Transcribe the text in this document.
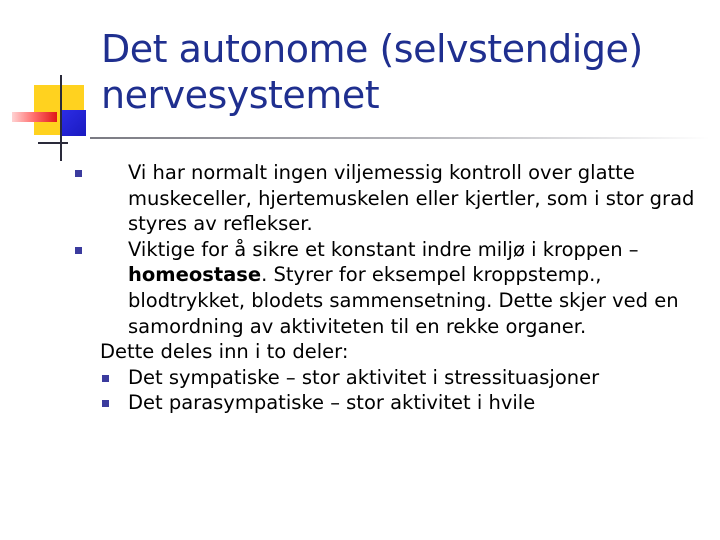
Det autonome (selvstendige) nervesystemet
Vi har normalt ingen viljemessig kontroll over glatte muskeceller, hjertemuskelen eller kjertler, som i stor grad styres av reflekser.
Viktige for å sikre et konstant indre miljø i kroppen – homeostase. Styrer for eksempel kroppstemp., blodtrykket, blodets sammensetning. Dette skjer ved en samordning av aktiviteten til en rekke organer.
Dette deles inn i to deler:
Det sympatiske – stor aktivitet i stressituasjoner
Det parasympatiske – stor aktivitet i hvile
